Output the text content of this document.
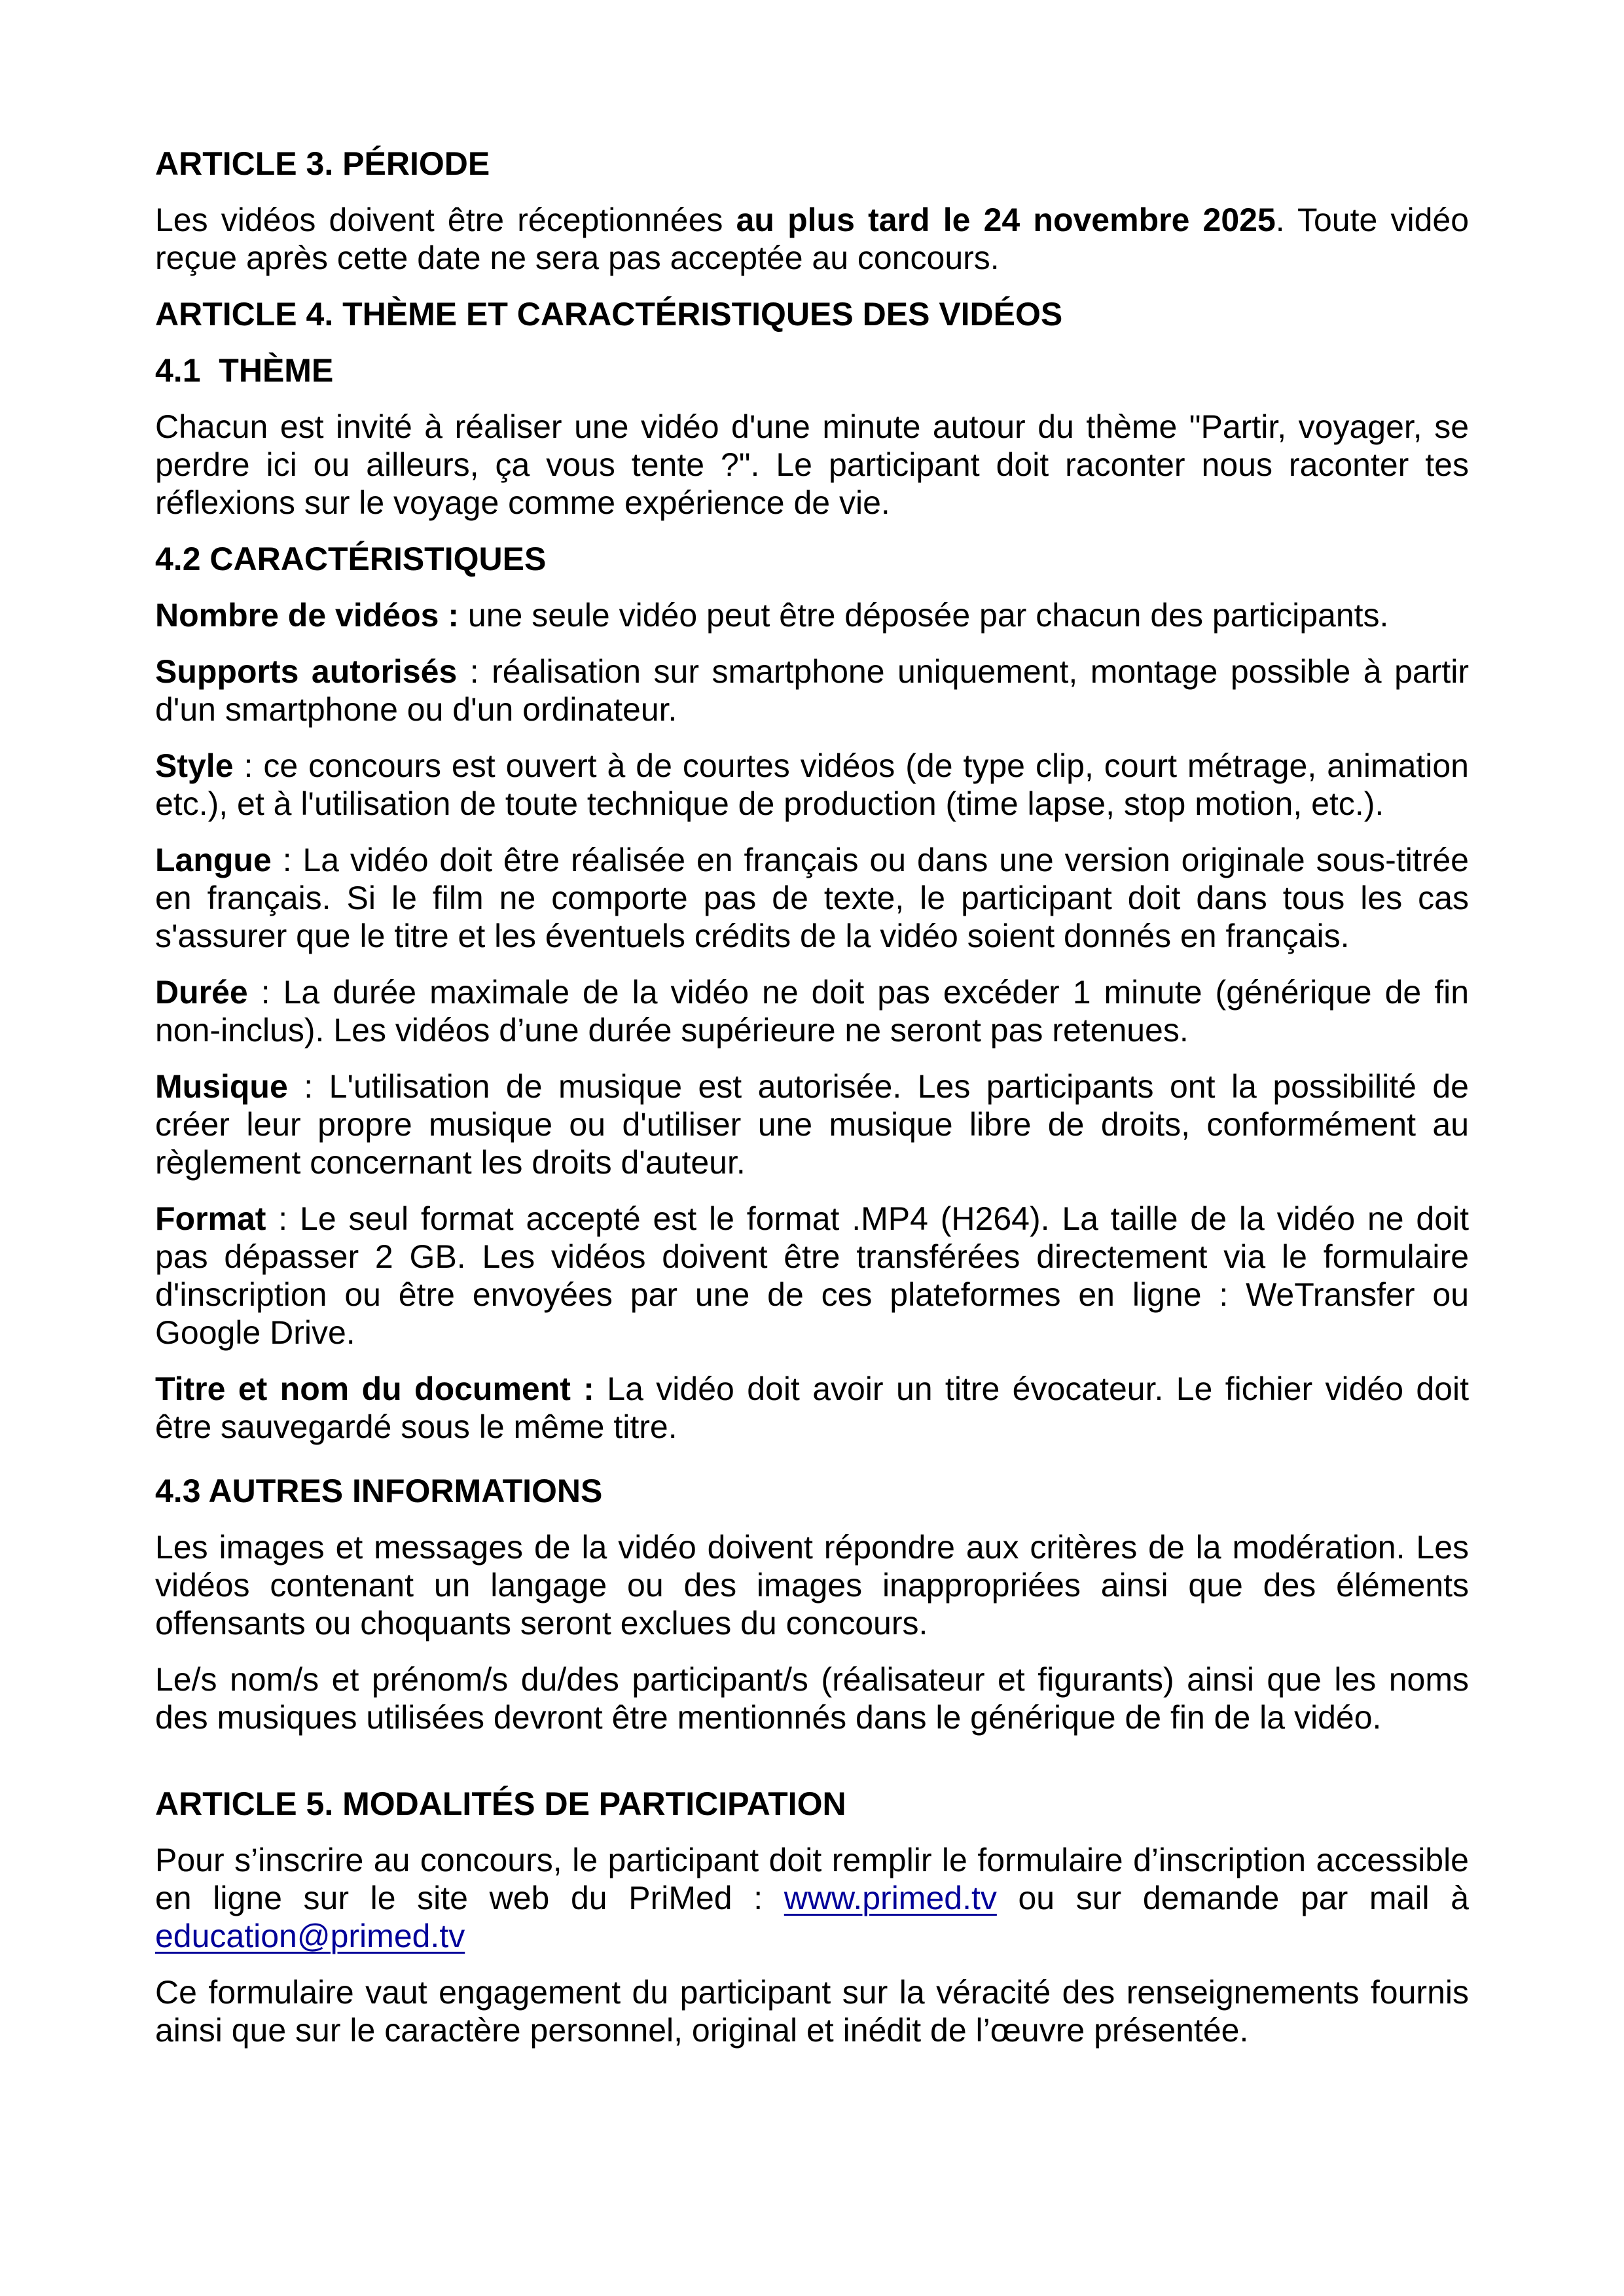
ARTICLE 3. PÉRIODE

Les vidéos doivent être réceptionnées au plus tard le 24 novembre 2025. Toute vidéo reçue après cette date ne sera pas acceptée au concours.

ARTICLE 4. THÈME ET CARACTÉRISTIQUES DES VIDÉOS
4.1  THÈME

Chacun est invité à réaliser une vidéo d'une minute autour du thème "Partir, voyager, se perdre ici ou ailleurs, ça vous tente ?". Le participant doit raconter nous raconter tes réflexions sur le voyage comme expérience de vie.

4.2 CARACTÉRISTIQUES

Nombre de vidéos : une seule vidéo peut être déposée par chacun des participants.

Supports autorisés : réalisation sur smartphone uniquement, montage possible à partir d'un smartphone ou d'un ordinateur.

Style : ce concours est ouvert à de courtes vidéos (de type clip, court métrage, animation etc.), et à l'utilisation de toute technique de production (time lapse, stop motion, etc.).

Langue : La vidéo doit être réalisée en français ou dans une version originale sous-titrée en français. Si le film ne comporte pas de texte, le participant doit dans tous les cas s'assurer que le titre et les éventuels crédits de la vidéo soient donnés en français.

Durée : La durée maximale de la vidéo ne doit pas excéder 1 minute (générique de fin non-inclus). Les vidéos d’une durée supérieure ne seront pas retenues.

Musique : L'utilisation de musique est autorisée. Les participants ont la possibilité de créer leur propre musique ou d'utiliser une musique libre de droits, conformément au règlement concernant les droits d'auteur.

Format : Le seul format accepté est le format .MP4 (H264). La taille de la vidéo ne doit pas dépasser 2 GB. Les vidéos doivent être transférées directement via le formulaire d'inscription ou être envoyées par une de ces plateformes en ligne : WeTransfer ou Google Drive.

Titre et nom du document : La vidéo doit avoir un titre évocateur. Le fichier vidéo doit être sauvegardé sous le même titre.

4.3 AUTRES INFORMATIONS

Les images et messages de la vidéo doivent répondre aux critères de la modération. Les vidéos contenant un langage ou des images inappropriées ainsi que des éléments offensants ou choquants seront exclues du concours.

Le/s nom/s et prénom/s du/des participant/s (réalisateur et figurants) ainsi que les noms des musiques utilisées devront être mentionnés dans le générique de fin de la vidéo.

ARTICLE 5. MODALITÉS DE PARTICIPATION

Pour s’inscrire au concours, le participant doit remplir le formulaire d’inscription accessible en ligne sur le site web du PriMed : www.primed.tv ou sur demande par mail à education@primed.tv

Ce formulaire vaut engagement du participant sur la véracité des renseignements fournis ainsi que sur le caractère personnel, original et inédit de l’œuvre présentée.
